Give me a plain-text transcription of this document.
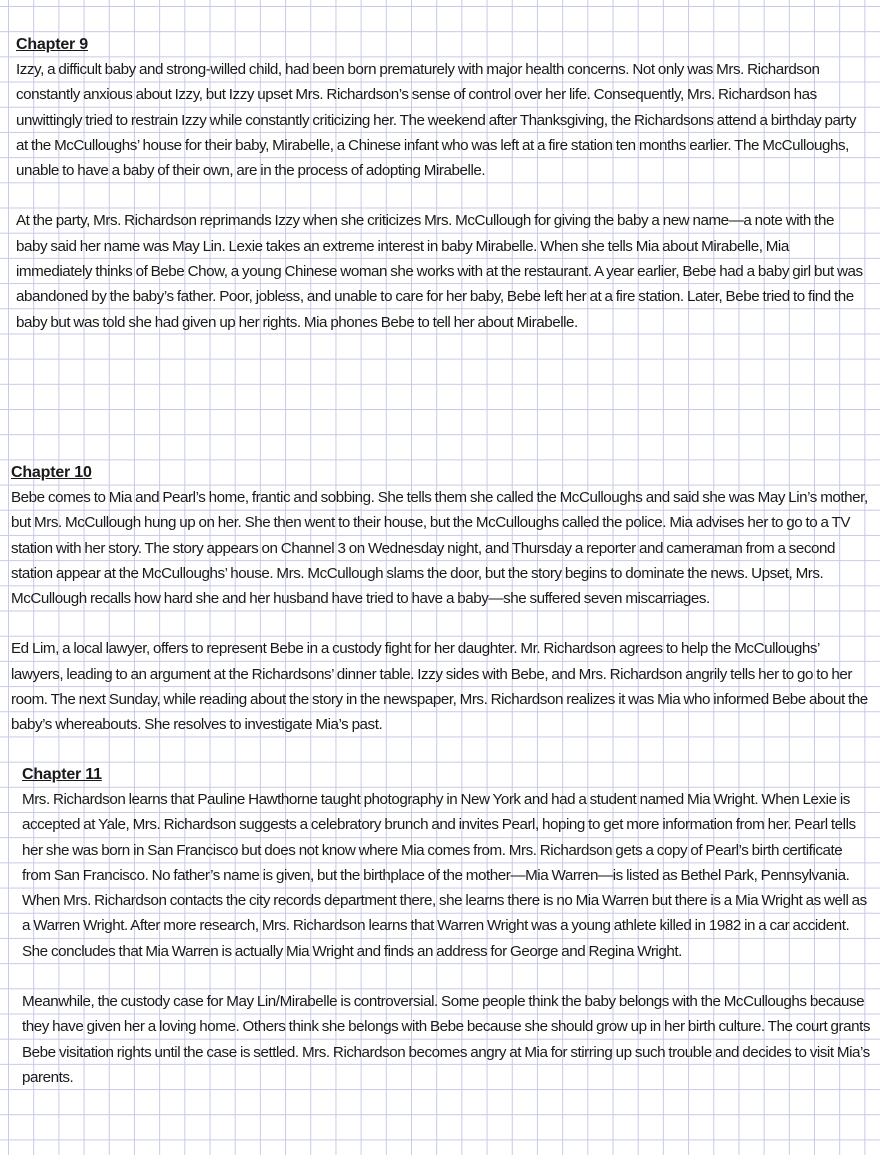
Chapter 9

Izzy, a difficult baby and strong-willed child, had been born prematurely with major health concerns. Not only was Mrs. Richardson constantly anxious about Izzy, but Izzy upset Mrs. Richardson’s sense of control over her life. Consequently, Mrs. Richardson has unwittingly tried to restrain Izzy while constantly criticizing her. The weekend after Thanksgiving, the Richardsons attend a birthday party at the McCulloughs’ house for their baby, Mirabelle, a Chinese infant who was left at a fire station ten months earlier. The McCulloughs, unable to have a baby of their own, are in the process of adopting Mirabelle.

At the party, Mrs. Richardson reprimands Izzy when she criticizes Mrs. McCullough for giving the baby a new name—a note with the baby said her name was May Lin. Lexie takes an extreme interest in baby Mirabelle. When she tells Mia about Mirabelle, Mia immediately thinks of Bebe Chow, a young Chinese woman she works with at the restaurant. A year earlier, Bebe had a baby girl but was abandoned by the baby’s father. Poor, jobless, and unable to care for her baby, Bebe left her at a fire station. Later, Bebe tried to find the baby but was told she had given up her rights. Mia phones Bebe to tell her about Mirabelle.

Chapter 10

Bebe comes to Mia and Pearl’s home, frantic and sobbing. She tells them she called the McCulloughs and said she was May Lin’s mother, but Mrs. McCullough hung up on her. She then went to their house, but the McCulloughs called the police. Mia advises her to go to a TV station with her story. The story appears on Channel 3 on Wednesday night, and Thursday a reporter and cameraman from a second station appear at the McCulloughs’ house. Mrs. McCullough slams the door, but the story begins to dominate the news. Upset, Mrs. McCullough recalls how hard she and her husband have tried to have a baby—she suffered seven miscarriages.

Ed Lim, a local lawyer, offers to represent Bebe in a custody fight for her daughter. Mr. Richardson agrees to help the McCulloughs’ lawyers, leading to an argument at the Richardsons’ dinner table. Izzy sides with Bebe, and Mrs. Richardson angrily tells her to go to her room. The next Sunday, while reading about the story in the newspaper, Mrs. Richardson realizes it was Mia who informed Bebe about the baby’s whereabouts. She resolves to investigate Mia’s past.

Chapter 11

Mrs. Richardson learns that Pauline Hawthorne taught photography in New York and had a student named Mia Wright. When Lexie is accepted at Yale, Mrs. Richardson suggests a celebratory brunch and invites Pearl, hoping to get more information from her. Pearl tells her she was born in San Francisco but does not know where Mia comes from. Mrs. Richardson gets a copy of Pearl’s birth certificate from San Francisco. No father’s name is given, but the birthplace of the mother—Mia Warren—is listed as Bethel Park, Pennsylvania. When Mrs. Richardson contacts the city records department there, she learns there is no Mia Warren but there is a Mia Wright as well as a Warren Wright. After more research, Mrs. Richardson learns that Warren Wright was a young athlete killed in 1982 in a car accident. She concludes that Mia Warren is actually Mia Wright and finds an address for George and Regina Wright.

Meanwhile, the custody case for May Lin/Mirabelle is controversial. Some people think the baby belongs with the McCulloughs because they have given her a loving home. Others think she belongs with Bebe because she should grow up in her birth culture. The court grants Bebe visitation rights until the case is settled. Mrs. Richardson becomes angry at Mia for stirring up such trouble and decides to visit Mia’s parents.
